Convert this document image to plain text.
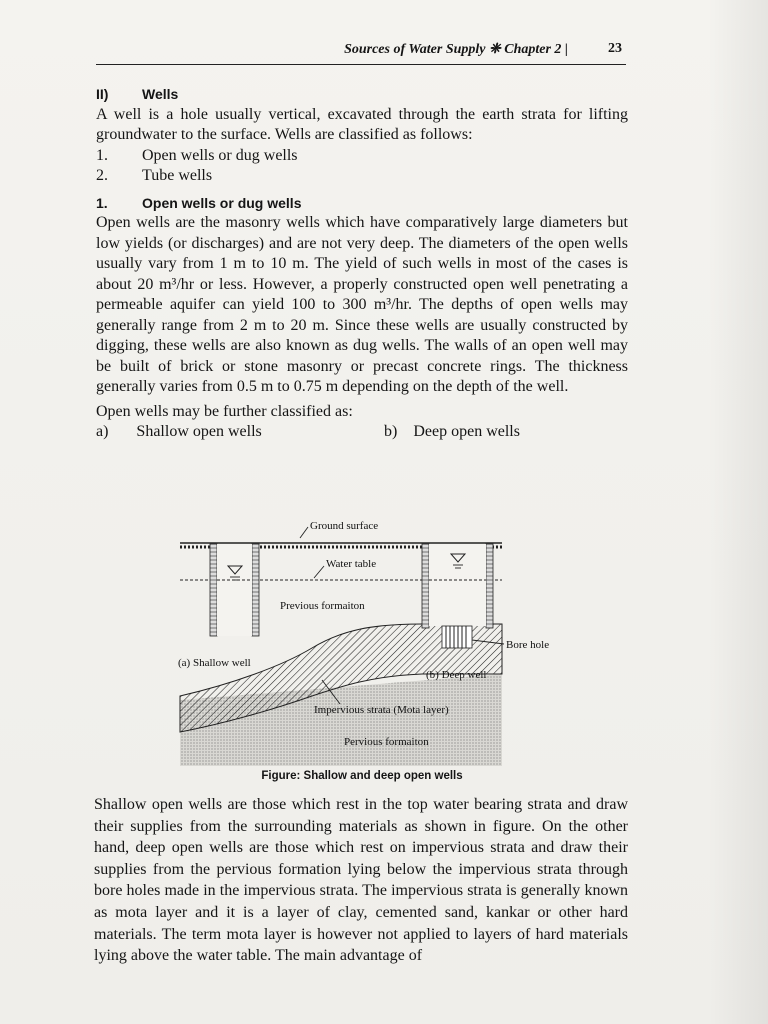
Sources of Water Supply ❈ Chapter 2 |	23
II) Wells

A well is a hole usually vertical, excavated through the earth strata for lifting groundwater to the surface. Wells are classified as follows:

1. Open wells or dug wells
2. Tube wells
1. Open wells or dug wells

Open wells are the masonry wells which have comparatively large diameters but low yields (or discharges) and are not very deep. The diameters of the open wells usually vary from 1 m to 10 m. The yield of such wells in most of the cases is about 20 m³/hr or less. However, a properly constructed open well penetrating a permeable aquifer can yield 100 to 300 m³/hr. The depths of open wells may generally range from 2 m to 20 m. Since these wells are usually constructed by digging, these wells are also known as dug wells. The walls of an open well may be built of brick or stone masonry or precast concrete rings. The thickness generally varies from 0.5 m to 0.75 m depending on the depth of the well.

Open wells may be further classified as:

a)       Shallow open wells	b)    Deep open wells
Ground surface
Water table
Previous formaiton
Bore hole
(a) Shallow well
(b) Deep well
Impervious strata (Mota layer)
Pervious formaiton
Figure: Shallow and deep open wells
Shallow open wells are those which rest in the top water bearing strata and draw their supplies from the surrounding materials as shown in figure. On the other hand, deep open wells are those which rest on impervious strata and draw their supplies from the pervious formation lying below the impervious strata through bore holes made in the impervious strata. The impervious strata is generally known as mota layer and it is a layer of clay, cemented sand, kankar or other hard materials. The term mota layer is however not applied to layers of hard materials lying above the water table. The main advantage of
